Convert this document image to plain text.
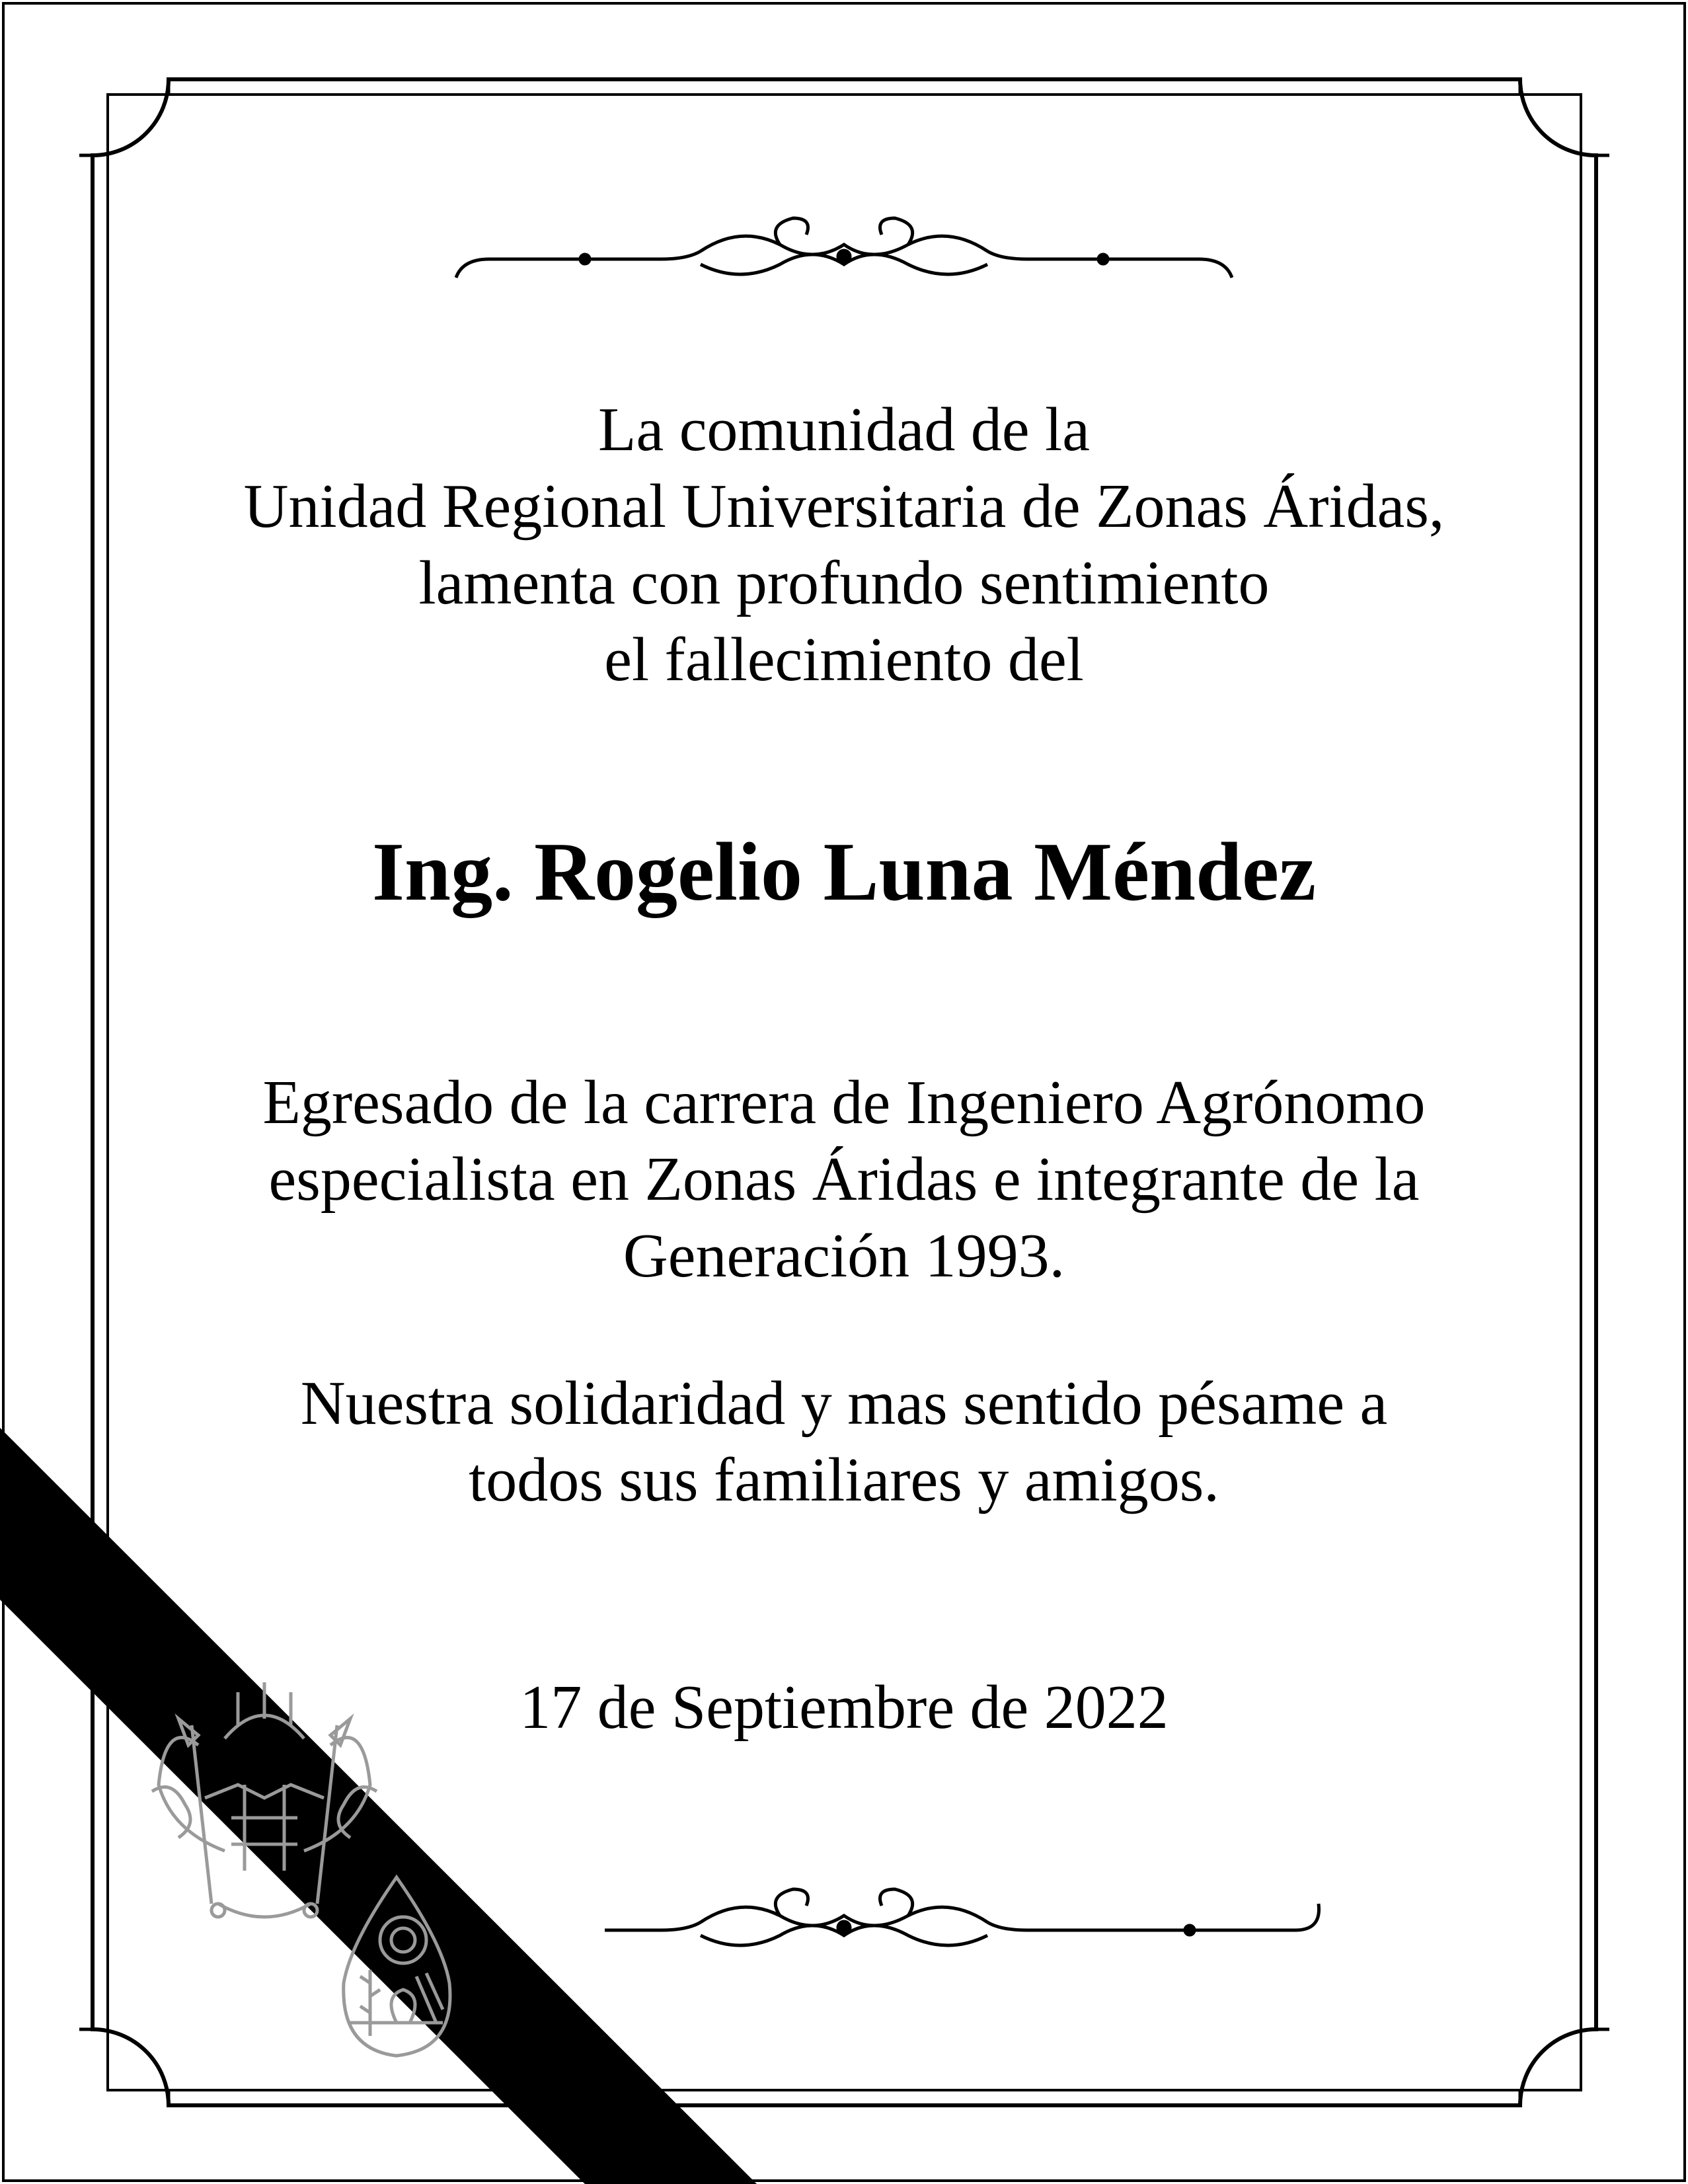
La comunidad de la
Unidad Regional Universitaria de Zonas Áridas,
lamenta con profundo sentimiento
el fallecimiento del
Ing. Rogelio Luna Méndez
Egresado de la carrera de Ingeniero Agrónomo
especialista en Zonas Áridas e integrante de la
Generación 1993.
Nuestra solidaridad y mas sentido pésame a
todos sus familiares y amigos.
17 de Septiembre de 2022
